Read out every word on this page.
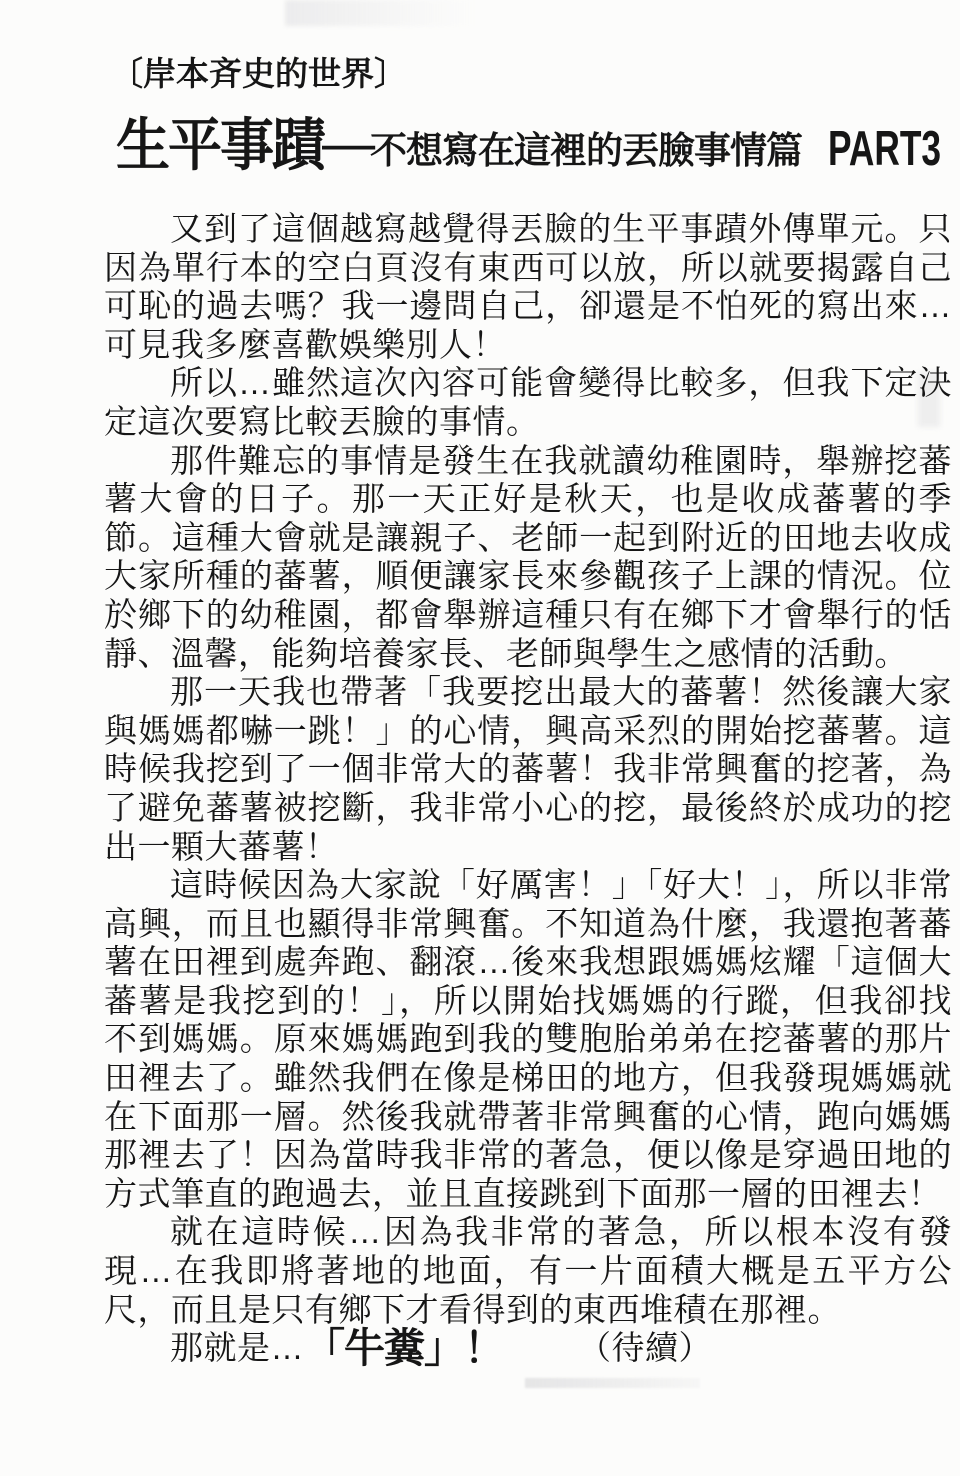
〔岸本斉史的世界〕
生平事蹟
—
不想寫在這裡的丟臉事情篇 PART3

又到了這個越寫越覺得丟臉的生平事蹟外傳單元。只因為單行本的空白頁沒有東西可以放，所以就要揭露自己可恥的過去嗎？我一邊問自己，卻還是不怕死的寫出來…可見我多麼喜歡娛樂別人！

所以…雖然這次內容可能會變得比較多，但我下定決定這次要寫比較丟臉的事情。

那件難忘的事情是發生在我就讀幼稚園時，舉辦挖蕃薯大會的日子。那一天正好是秋天，也是收成蕃薯的季節。這種大會就是讓親子、老師一起到附近的田地去收成大家所種的蕃薯，順便讓家長來參觀孩子上課的情況。位於鄉下的幼稚園，都會舉辦這種只有在鄉下才會舉行的恬靜、溫馨，能夠培養家長、老師與學生之感情的活動。

那一天我也帶著「我要挖出最大的蕃薯！然後讓大家與媽媽都嚇一跳！」的心情，興高采烈的開始挖蕃薯。這時候我挖到了一個非常大的蕃薯！我非常興奮的挖著，為了避免蕃薯被挖斷，我非常小心的挖，最後終於成功的挖出一顆大蕃薯！

這時候因為大家說「好厲害！」「好大！」，所以非常高興，而且也顯得非常興奮。不知道為什麼，我還抱著蕃薯在田裡到處奔跑、翻滾…後來我想跟媽媽炫耀「這個大蕃薯是我挖到的！」，所以開始找媽媽的行蹤，但我卻找不到媽媽。原來媽媽跑到我的雙胞胎弟弟在挖蕃薯的那片田裡去了。雖然我們在像是梯田的地方，但我發現媽媽就在下面那一層。然後我就帶著非常興奮的心情，跑向媽媽那裡去了！因為當時我非常的著急，便以像是穿過田地的方式筆直的跑過去，並且直接跳到下面那一層的田裡去！

就在這時候…因為我非常的著急，所以根本沒有發現…在我即將著地的地面，有一片面積大概是五平方公尺，而且是只有鄉下才看得到的東西堆積在那裡。

那就是…「牛糞」！ （待續）
